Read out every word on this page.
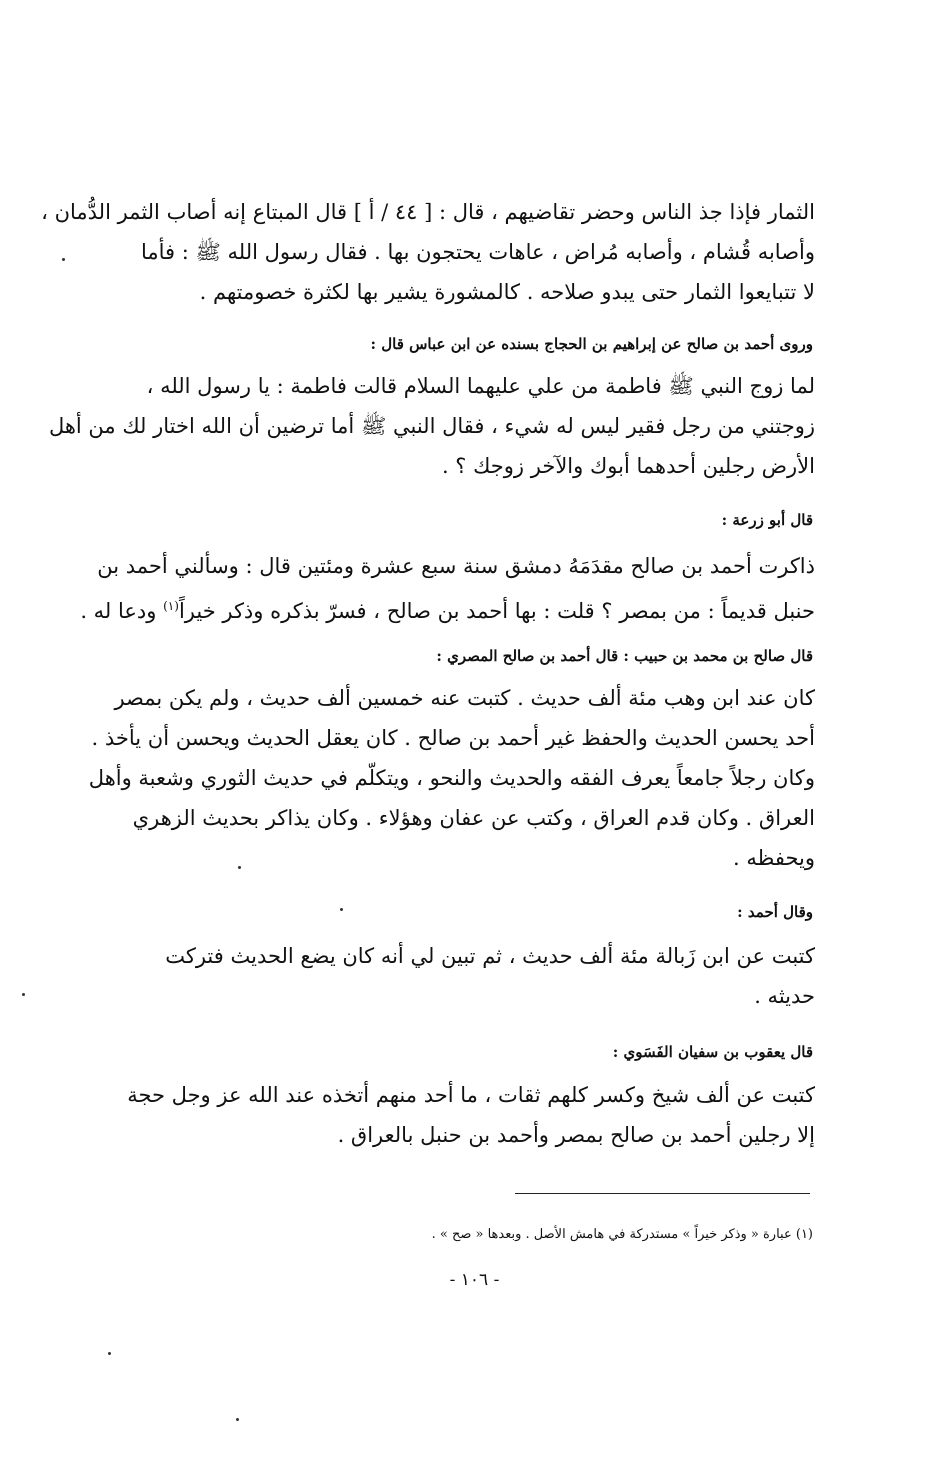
الثمار فإذا جذ الناس وحضر تقاضيهم ، قال : [ ٤٤ / أ ] قال المبتاع إنه أصاب الثمر الدُّمان ،
وأصابه قُشام ، وأصابه مُراض ، عاهات يحتجون بها . فقال رسول الله ﷺ : فأما
لا تتبايعوا الثمار حتى يبدو صلاحه . كالمشورة يشير بها لكثرة خصومتهم .
وروى أحمد بن صالح عن إبراهيم بن الحجاج بسنده عن ابن عباس قال :
لما زوج النبي ﷺ فاطمة من علي عليهما السلام قالت فاطمة : يا رسول الله ،
زوجتني من رجل فقير ليس له شيء ، فقال النبي ﷺ أما ترضين أن الله اختار لك من أهل
الأرض رجلين أحدهما أبوك والآخر زوجك ؟ .
قال أبو زرعة :
ذاكرت أحمد بن صالح مقدَمَهُ دمشق سنة سبع عشرة ومئتين قال : وسألني أحمد بن
حنبل قديماً : من بمصر ؟ قلت : بها أحمد بن صالح ، فسرّ بذكره وذكر خيراً$^{(١)}$ ودعا له .
قال صالح بن محمد بن حبيب : قال أحمد بن صالح المصري :
كان عند ابن وهب مئة ألف حديث . كتبت عنه خمسين ألف حديث ، ولم يكن بمصر
أحد يحسن الحديث والحفظ غير أحمد بن صالح . كان يعقل الحديث ويحسن أن يأخذ .
وكان رجلاً جامعاً يعرف الفقه والحديث والنحو ، ويتكلّم في حديث الثوري وشعبة وأهل
العراق . وكان قدم العراق ، وكتب عن عفان وهؤلاء . وكان يذاكر بحديث الزهري
ويحفظه .
وقال أحمد :
كتبت عن ابن زَبالة مئة ألف حديث ، ثم تبين لي أنه كان يضع الحديث فتركت
حديثه .
قال يعقوب بن سفيان الفَسَوي :
كتبت عن ألف شيخ وكسر كلهم ثقات ، ما أحد منهم أتخذه عند الله عز وجل حجة
إلا رجلين أحمد بن صالح بمصر وأحمد بن حنبل بالعراق .
(١) عبارة « وذكر خيراً » مستدركة في هامش الأصل . وبعدها « صح » .
- ١٠٦ -
